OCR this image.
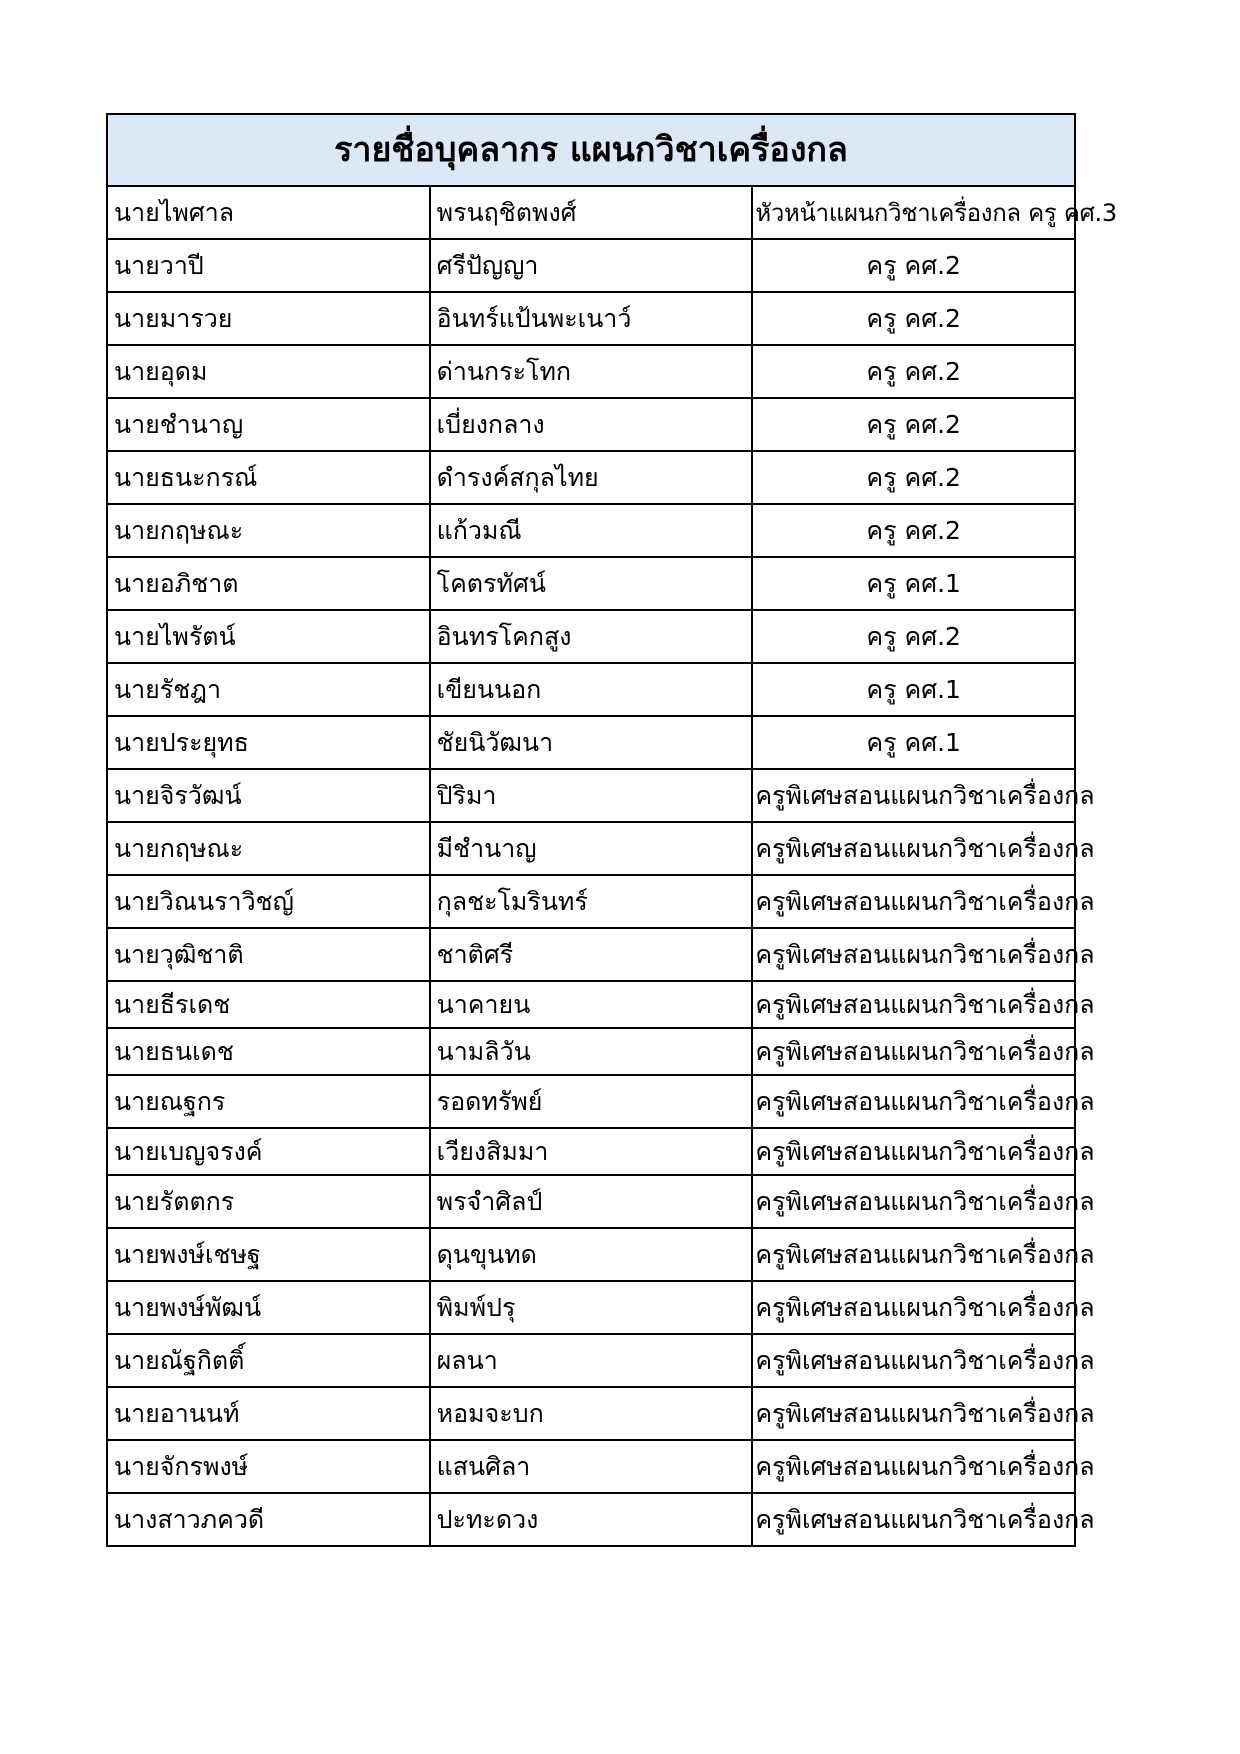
รายชื่อบุคลากร แผนกวิชาเครื่องกล		
นายไพศาล	พรนฤชิตพงศ์	หัวหน้าแผนกวิชาเครื่องกล ครู คศ.3
นายวาปี	ศรีปัญญา	ครู คศ.2
นายมารวย	อินทร์แป้นพะเนาว์	ครู คศ.2
นายอุดม	ด่านกระโทก	ครู คศ.2
นายชำนาญ	เบี่ยงกลาง	ครู คศ.2
นายธนะกรณ์	ดำรงค์สกุลไทย	ครู คศ.2
นายกฤษณะ	แก้วมณี	ครู คศ.2
นายอภิชาต	โคตรทัศน์	ครู คศ.1
นายไพรัตน์	อินทรโคกสูง	ครู คศ.2
นายรัชฎา	เขียนนอก	ครู คศ.1
นายประยุทธ	ชัยนิวัฒนา	ครู คศ.1
นายจิรวัฒน์	ปิริมา	ครูพิเศษสอนแผนกวิชาเครื่องกล
นายกฤษณะ	มีชำนาญ	ครูพิเศษสอนแผนกวิชาเครื่องกล
นายวิณนราวิชญ์	กุลชะโมรินทร์	ครูพิเศษสอนแผนกวิชาเครื่องกล
นายวุฒิชาติ	ชาติศรี	ครูพิเศษสอนแผนกวิชาเครื่องกล
นายธีรเดช	นาคายน	ครูพิเศษสอนแผนกวิชาเครื่องกล
นายธนเดช	นามลิวัน	ครูพิเศษสอนแผนกวิชาเครื่องกล
นายณฐกร	รอดทรัพย์	ครูพิเศษสอนแผนกวิชาเครื่องกล
นายเบญจรงค์	เวียงสิมมา	ครูพิเศษสอนแผนกวิชาเครื่องกล
นายรัตตกร	พรจำศิลป์	ครูพิเศษสอนแผนกวิชาเครื่องกล
นายพงษ์เชษฐ	ดุนขุนทด	ครูพิเศษสอนแผนกวิชาเครื่องกล
นายพงษ์พัฒน์	พิมพ์ปรุ	ครูพิเศษสอนแผนกวิชาเครื่องกล
นายณัฐกิตติ์	ผลนา	ครูพิเศษสอนแผนกวิชาเครื่องกล
นายอานนท์	หอมจะบก	ครูพิเศษสอนแผนกวิชาเครื่องกล
นายจักรพงษ์	แสนศิลา	ครูพิเศษสอนแผนกวิชาเครื่องกล
นางสาวภควดี	ปะทะดวง	ครูพิเศษสอนแผนกวิชาเครื่องกล
